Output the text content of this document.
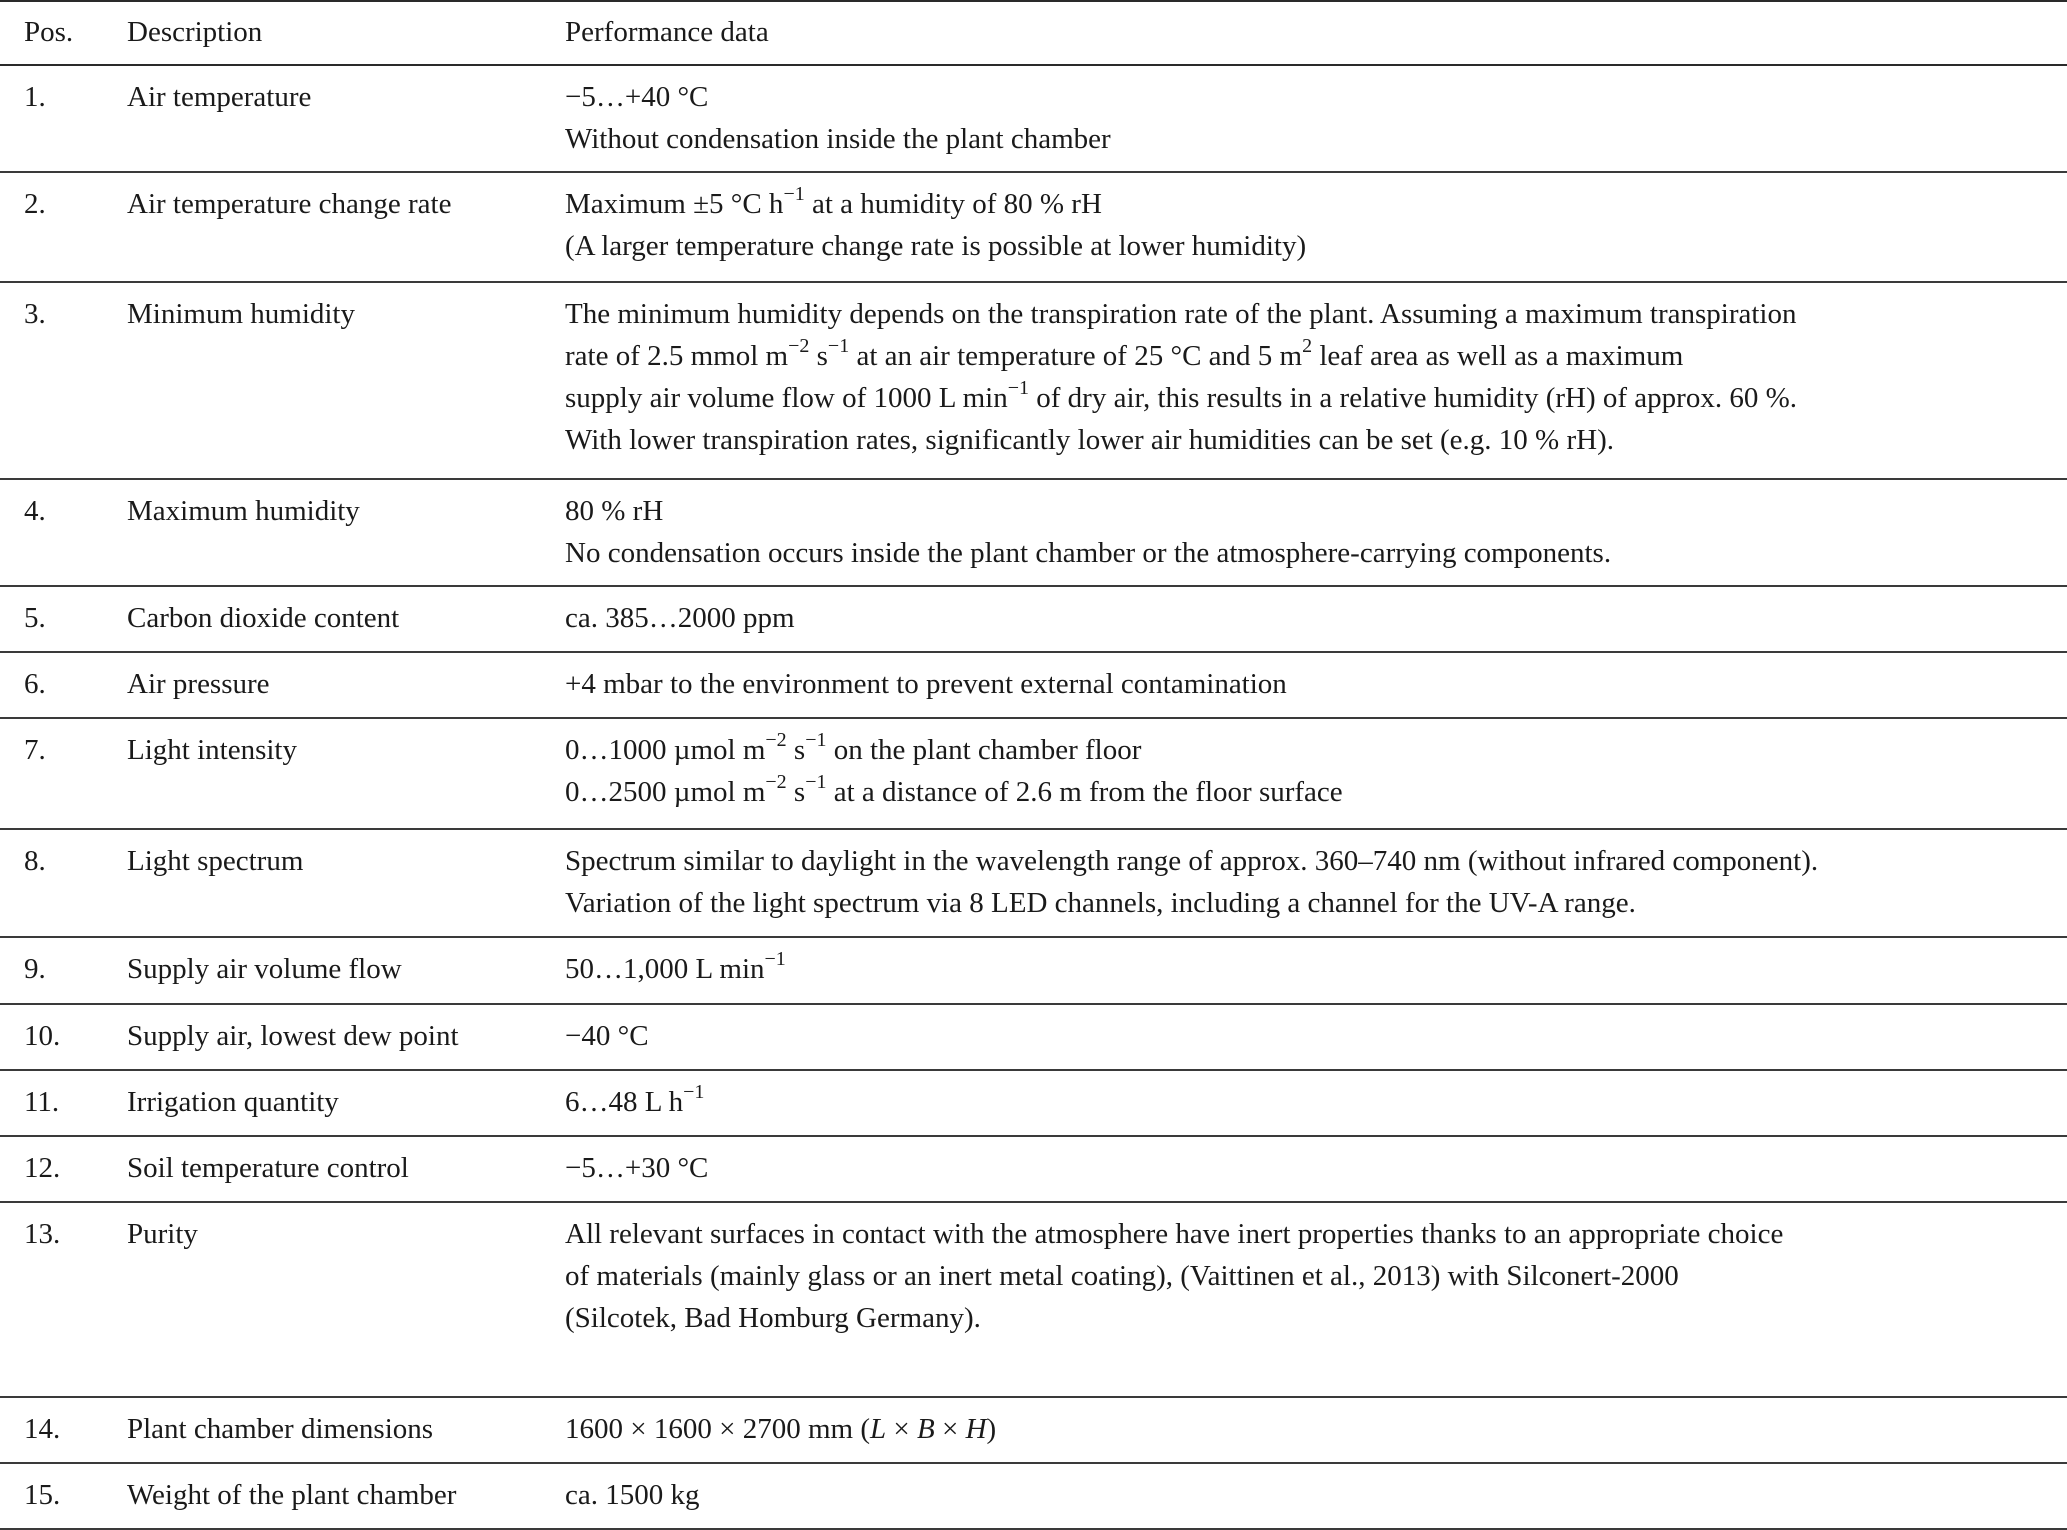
Pos.	Description	Performance data
1.	Air temperature	−5…+40 °C
Without condensation inside the plant chamber
2.	Air temperature change rate	Maximum ±5 °C $h^{-1}$ at a humidity of 80 % rH
(A larger temperature change rate is possible at lower humidity)
3.	Minimum humidity	The minimum humidity depends on the transpiration rate of the plant. Assuming a maximum transpiration
rate of 2.5 mmol $m^{-2}$ $s^{-1}$ at an air temperature of 25 °C and 5 $m^2$ leaf area as well as a maximum
supply air volume flow of 1000 L $\min^{-1}$ of dry air, this results in a relative humidity (rH) of approx. 60 %.
With lower transpiration rates, significantly lower air humidities can be set (e.g. 10 % rH).
4.	Maximum humidity	80 % rH
No condensation occurs inside the plant chamber or the atmosphere-carrying components.
5.	Carbon dioxide content	ca. 385…2000 ppm
6.	Air pressure	+4 mbar to the environment to prevent external contamination
7.	Light intensity	0…1000 µmol $m^{-2}$ $s^{-1}$ on the plant chamber floor
0…2500 µmol $m^{-2}$ $s^{-1}$ at a distance of 2.6 m from the floor surface
8.	Light spectrum	Spectrum similar to daylight in the wavelength range of approx. 360–740 nm (without infrared component).
Variation of the light spectrum via 8 LED channels, including a channel for the UV-A range.
9.	Supply air volume flow	50…1,000 L $\min^{-1}$
10.	Supply air, lowest dew point	−40 °C
11.	Irrigation quantity	6…48 L $h^{-1}$
12.	Soil temperature control	−5…+30 °C
13.	Purity	All relevant surfaces in contact with the atmosphere have inert properties thanks to an appropriate choice
of materials (mainly glass or an inert metal coating), (Vaittinen et al., 2013) with Silconert-2000
(Silcotek, Bad Homburg Germany).
14.	Plant chamber dimensions	1600 × 1600 × 2700 mm (L × B × H)
15.	Weight of the plant chamber	ca. 1500 kg
